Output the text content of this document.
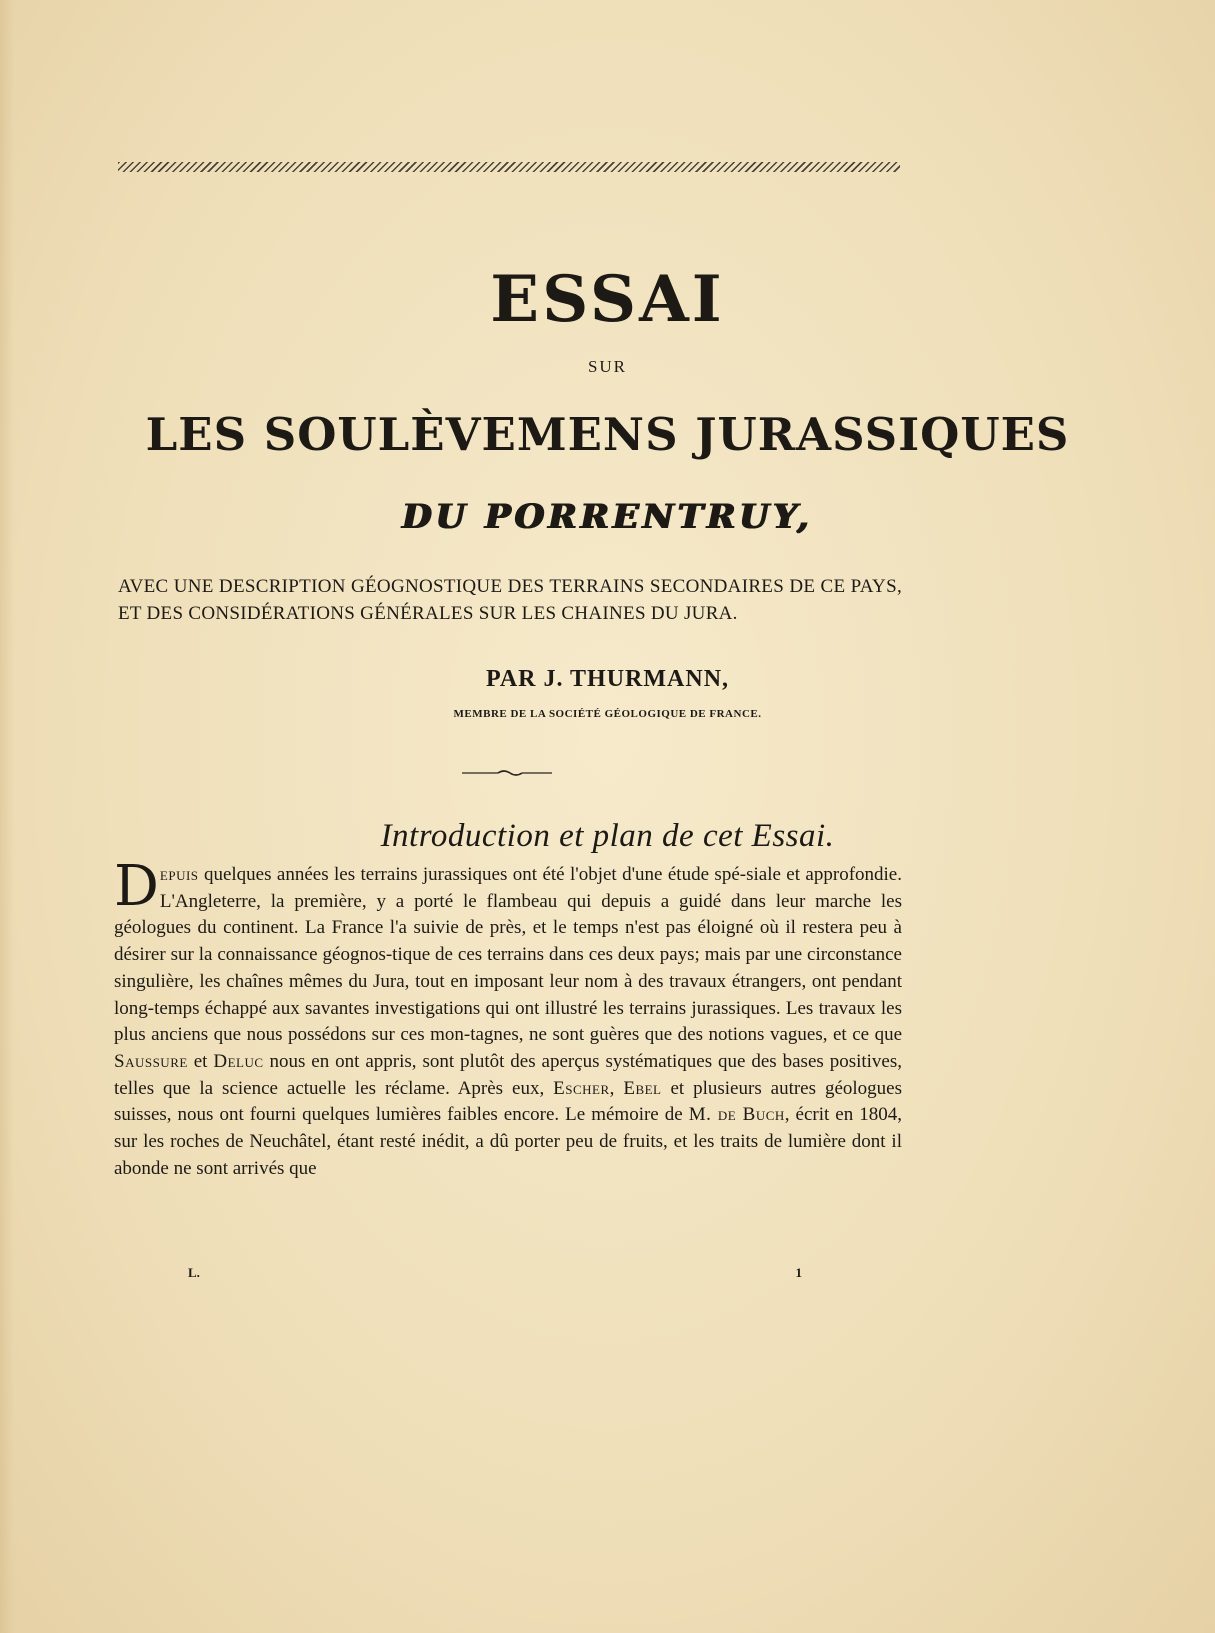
ESSAI
SUR
LES SOULÈVEMENS JURASSIQUES
DU PORRENTRUY,
AVEC UNE DESCRIPTION GÉOGNOSTIQUE DES TERRAINS SECONDAIRES DE CE PAYS, ET DES CONSIDÉRATIONS GÉNÉRALES SUR LES CHAINES DU JURA.
PAR J. THURMANN,
MEMBRE DE LA SOCIÉTÉ GÉOLOGIQUE DE FRANCE.
Introduction et plan de cet Essai.
Depuis quelques années les terrains jurassiques ont été l'objet d'une étude spé-siale et approfondie. L'Angleterre, la première, y a porté le flambeau qui depuis a guidé dans leur marche les géologues du continent. La France l'a suivie de près, et le temps n'est pas éloigné où il restera peu à désirer sur la connaissance géognos-tique de ces terrains dans ces deux pays; mais par une circonstance singulière, les chaînes mêmes du Jura, tout en imposant leur nom à des travaux étrangers, ont pendant long-temps échappé aux savantes investigations qui ont illustré les terrains jurassiques. Les travaux les plus anciens que nous possédons sur ces mon-tagnes, ne sont guères que des notions vagues, et ce que Saussure et Deluc nous en ont appris, sont plutôt des aperçus systématiques que des bases positives, telles que la science actuelle les réclame. Après eux, Escher, Ebel et plusieurs autres géologues suisses, nous ont fourni quelques lumières faibles encore. Le mémoire de M. de Buch, écrit en 1804, sur les roches de Neuchâtel, étant resté inédit, a dû porter peu de fruits, et les traits de lumière dont il abonde ne sont arrivés que
L.	1
